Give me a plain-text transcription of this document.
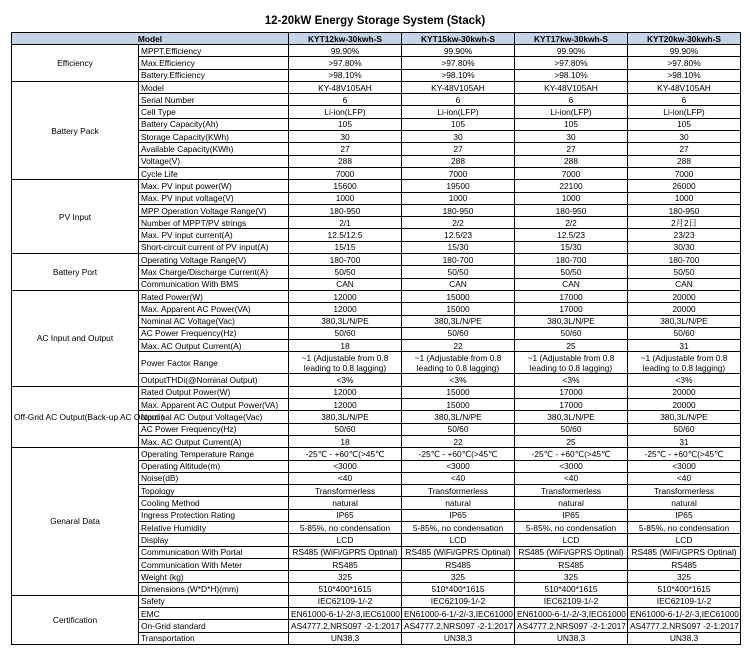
12-20kW Energy Storage System (Stack)
Model		KYT12kw-30kwh-S	KYT15kw-30kwh-S	KYT17kw-30kwh-S	KYT20kw-30kwh-S
Efficiency	MPPT.Efficiency	99.90%	99.90%	99.90%	99.90%
	Max.Efficiency	>97.80%	>97.80%	>97.80%	>97.80%
	Battery.Efficiency	>98.10%	>98.10%	>98.10%	>98.10%
Battery Pack	Model	KY-48V105AH	KY-48V105AH	KY-48V105AH	KY-48V105AH
	Serial Number	6	6	6	6
	Cell Type	Li-ion(LFP)	Li-ion(LFP)	Li-ion(LFP)	Li-ion(LFP)
	Battery Capacity(Ah)	105	105	105	105
	Storage Capacity(KWh)	30	30	30	30
	Available Capacity(KWh)	27	27	27	27
	Voltage(V)	288	288	288	288
	Cycle Life	7000	7000	7000	7000
PV Input	Max. PV input power(W)	15600	19500	22100	26000
	Max. PV input voltage(V)	1000	1000	1000	1000
	MPP Operation Voltage Range(V)	180-950	180-950	180-950	180-950
	Number of MPPT/PV strings	2/1	2/2	2/2	2月2日
	Max. PV input current(A)	12.5/12.5	12.5/23	12.5/23	23/23
	Short-circuit current of PV input(A)	15/15	15/30	15/30	30/30
Battery Port	Operating Voltage Range(V)	180-700	180-700	180-700	180-700
	Max Charge/Discharge Current(A)	50/50	50/50	50/50	50/50
	Communication With BMS	CAN	CAN	CAN	CAN
AC Input and Output	Rated Power(W)	12000	15000	17000	20000
	Max. Apparent AC Power(VA)	12000	15000	17000	20000
	Nominal AC Voltage(Vac)	380,3L/N/PE	380,3L/N/PE	380,3L/N/PE	380,3L/N/PE
	AC Power Frequency(Hz)	50/60	50/60	50/60	50/60
	Max. AC Output Current(A)	18	22	25	31
	Power Factor Range	~1 (Adjustable from 0.8 leading to 0.8 lagging)	~1 (Adjustable from 0.8 leading to 0.8 lagging)	~1 (Adjustable from 0.8 leading to 0.8 lagging)	~1 (Adjustable from 0.8 leading to 0.8 lagging)
	OutputTHDi(@Nominal Output)	<3%	<3%	<3%	<3%
Off-Grid AC Output(Back-up AC Output )	Rated Output Power(W)	12000	15000	17000	20000
	Max. Apparent AC Output Power(VA)	12000	15000	17000	20000
	Nominal AC Output Voltage(Vac)	380,3L/N/PE	380,3L/N/PE	380,3L/N/PE	380,3L/N/PE
	AC Power Frequency(Hz)	50/60	50/60	50/60	50/60
	Max. AC Output Current(A)	18	22	25	31
Genaral Data	Operating Temperature Range	-25℃ - +60℃(>45℃	-25℃ - +60℃(>45℃	-25℃ - +60℃(>45℃	-25℃ - +60℃(>45℃
	Operating Altitude(m)	<3000	<3000	<3000	<3000
	Noise(dB)	<40	<40	<40	<40
	Topology	Transformerless	Transformerless	Transformerless	Transformerless
	Cooling Method	natural	natural	natural	natural
	Ingress Protection Rating	IP65	IP65	IP65	IP65
	Relative Humidity	5-85%, no condensation	5-85%, no condensation	5-85%, no condensation	5-85%, no condensation
	Display	LCD	LCD	LCD	LCD
	Communication With Portal	RS485 (WiFi/GPRS Optinal)	RS485 (WiFi/GPRS Optinal)	RS485 (WiFi/GPRS Optinal)	RS485 (WiFi/GPRS Optinal)
	Communication With Meter	RS485	RS485	RS485	RS485
	Weight (kg)	325	325	325	325
	Dimensions (W*D*H)(mm)	510*400*1615	510*400*1615	510*400*1615	510*400*1615
Certification	Safety	IEC62109-1/-2	IEC62109-1/-2	IEC62109-1/-2	IEC62109-1/-2
	EMC	EN61000-6-1/-2/-3,IEC61000	EN61000-6-1/-2/-3,IEC61000	EN61000-6-1/-2/-3,IEC61000	EN61000-6-1/-2/-3,IEC61000
	On-Grid standard	AS4777.2,NRS097 -2-1:2017	AS4777.2,NRS097 -2-1:2017	AS4777.2,NRS097 -2-1:2017	AS4777.2,NRS097 -2-1:2017
	Transportation	UN38.3	UN38.3	UN38.3	UN38.3
